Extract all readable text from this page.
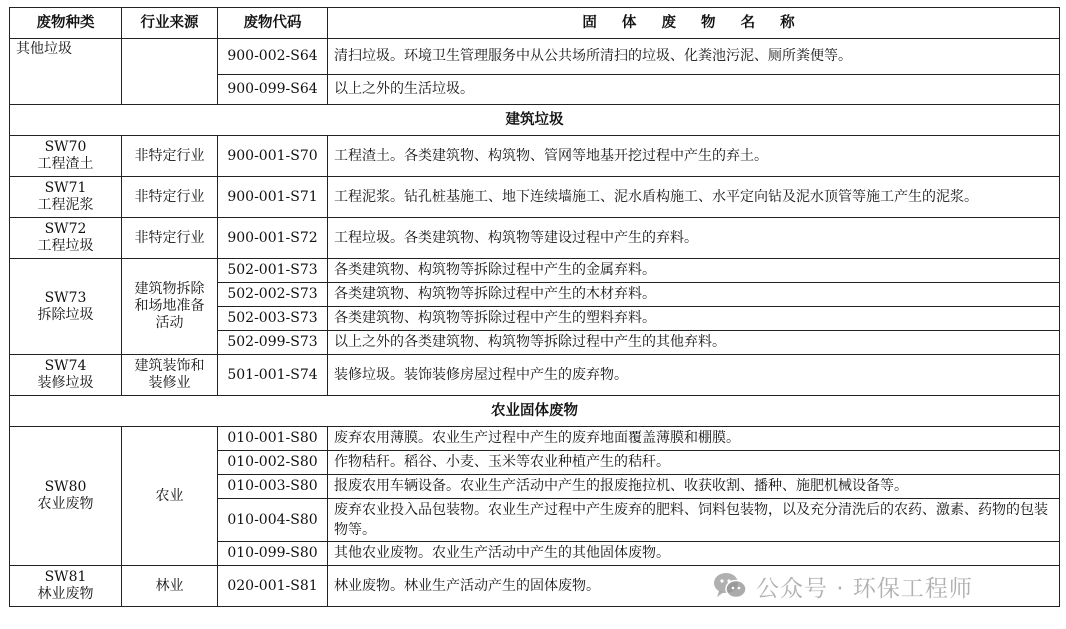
废物种类	行业来源	废物代码	固 体 废 物 名 称
其他垃圾		900-002-S64	清扫垃圾。环境卫生管理服务中从公共场所清扫的垃圾、化粪池污泥、厕所粪便等。
		900-099-S64	以上之外的生活垃圾。
建筑垃圾			

SW70
工程渣土	非特定行业	900-001-S70	工程渣土。各类建筑物、构筑物、管网等地基开挖过程中产生的弃土。

SW71
工程泥浆	非特定行业	900-001-S71	工程泥浆。钻孔桩基施工、地下连续墙施工、泥水盾构施工、水平定向钻及泥水顶管等施工产生的泥浆。

SW72
工程垃圾	非特定行业	900-001-S72	工程垃圾。各类建筑物、构筑物等建设过程中产生的弃料。

SW73
拆除垃圾	建筑物拆除和场地准备活动	502-001-S73	各类建筑物、构筑物等拆除过程中产生的金属弃料。
		502-002-S73	各类建筑物、构筑物等拆除过程中产生的木材弃料。
		502-003-S73	各类建筑物、构筑物等拆除过程中产生的塑料弃料。
		502-099-S73	以上之外的各类建筑物、构筑物等拆除过程中产生的其他弃料。

SW74
装修垃圾	建筑装饰和装修业	501-001-S74	装修垃圾。装饰装修房屋过程中产生的废弃物。
农业固体废物			

SW80
农业废物	农业	010-001-S80	废弃农用薄膜。农业生产过程中产生的废弃地面覆盖薄膜和棚膜。
		010-002-S80	作物秸秆。稻谷、小麦、玉米等农业种植产生的秸秆。
		010-003-S80	报废农用车辆设备。农业生产活动中产生的报废拖拉机、收获收割、播种、施肥机械设备等。
		010-004-S80	废弃农业投入品包装物。农业生产过程中产生废弃的肥料、饲料包装物，以及充分清洗后的农药、激素、药物的包装物等。
		010-099-S80	其他农业废物。农业生产活动中产生的其他固体废物。

SW81
林业废物	林业	020-001-S81	林业废物。林业生产活动产生的固体废物。	公众号 · 环保工程师
